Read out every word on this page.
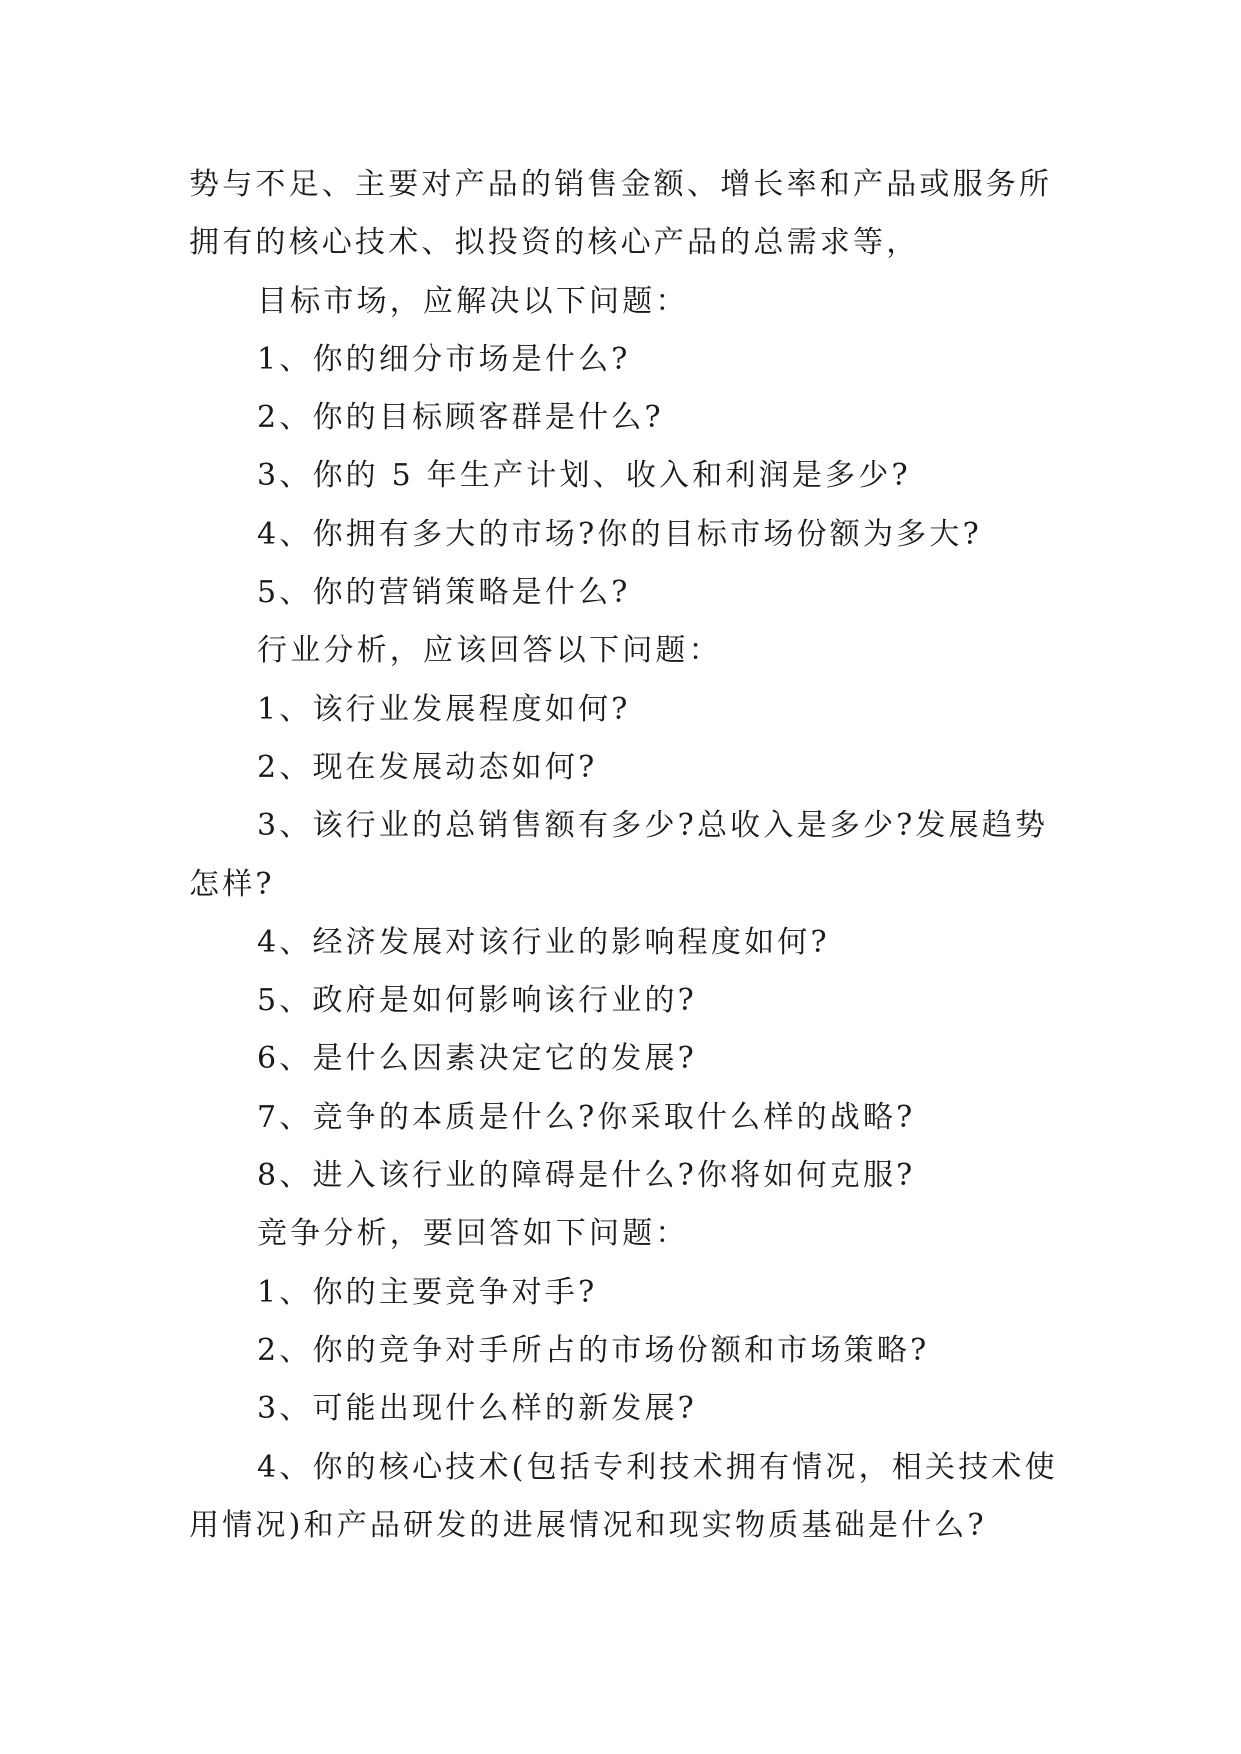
势与不足、主要对产品的销售金额、增长率和产品或服务所
拥有的核心技术、拟投资的核心产品的总需求等，
目标市场，应解决以下问题：
1、你的细分市场是什么?
2、你的目标顾客群是什么?
3、你的 5 年生产计划、收入和利润是多少?
4、你拥有多大的市场?你的目标市场份额为多大?
5、你的营销策略是什么?
行业分析，应该回答以下问题：
1、该行业发展程度如何?
2、现在发展动态如何?
3、该行业的总销售额有多少?总收入是多少?发展趋势
怎样?
4、经济发展对该行业的影响程度如何?
5、政府是如何影响该行业的?
6、是什么因素决定它的发展?
7、竞争的本质是什么?你采取什么样的战略?
8、进入该行业的障碍是什么?你将如何克服?
竞争分析，要回答如下问题：
1、你的主要竞争对手?
2、你的竞争对手所占的市场份额和市场策略?
3、可能出现什么样的新发展?
4、你的核心技术(包括专利技术拥有情况，相关技术使
用情况)和产品研发的进展情况和现实物质基础是什么?
